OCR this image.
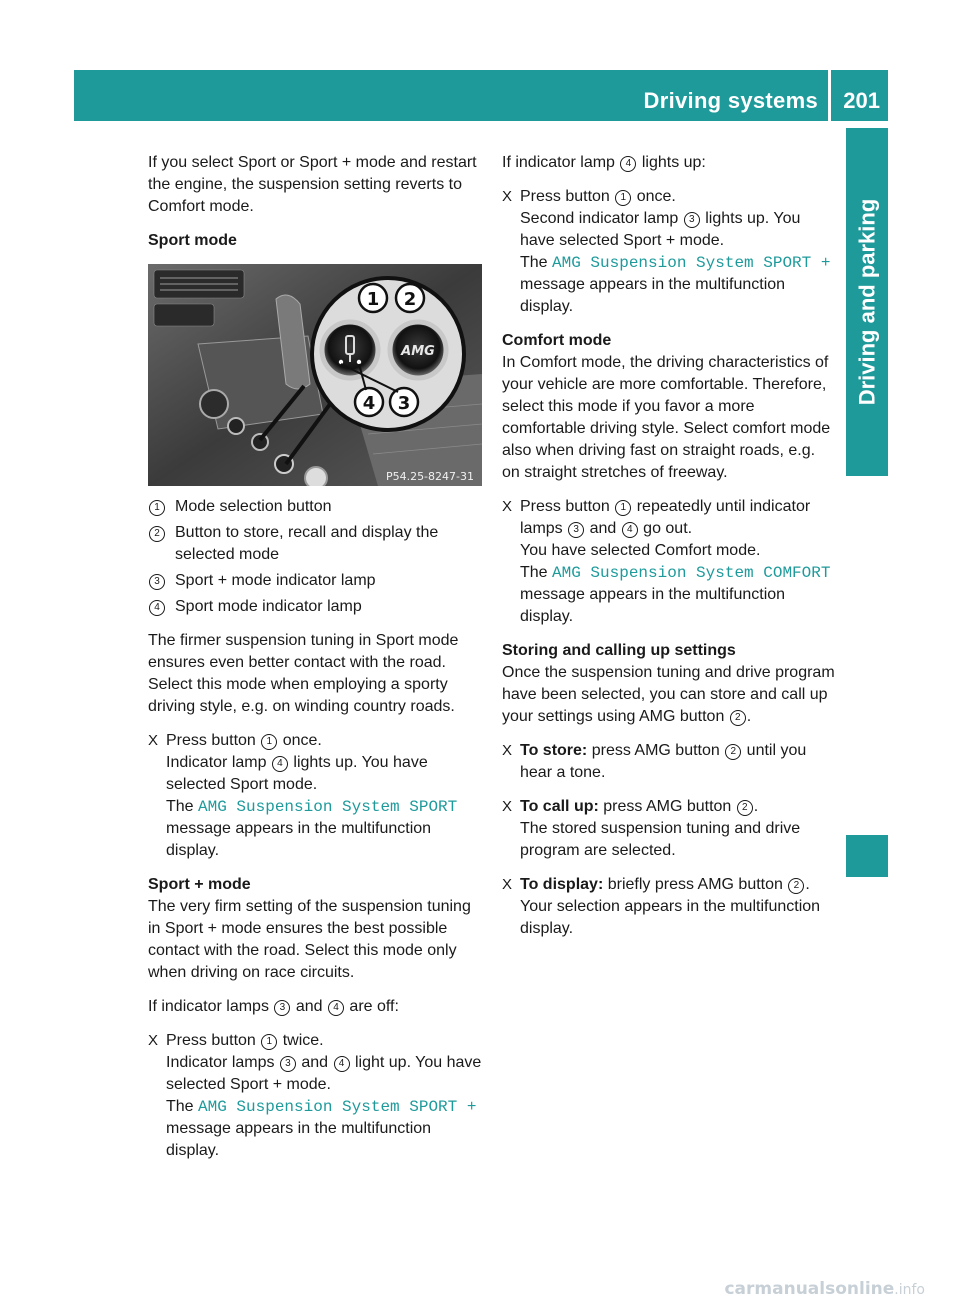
Driving systems 201
Driving and parking

If you select Sport or Sport + mode and restart the engine, the suspension setting reverts to Comfort mode.

Sport mode

AMG
1 2
4 3
P54.25-8247-31
1 Mode selection button
2 Button to store, recall and display the selected mode
3 Sport + mode indicator lamp
4 Sport mode indicator lamp

The firmer suspension tuning in Sport mode ensures even better contact with the road. Select this mode when employing a sporty driving style, e.g. on winding country roads.

X Press button 1 once.
Indicator lamp 4 lights up. You have selected Sport mode.
The AMG Suspension System SPORT message appears in the multifunction display.

Sport + mode

The very firm setting of the suspension tuning in Sport + mode ensures the best possible contact with the road. Select this mode only when driving on race circuits.

If indicator lamps 3 and 4 are off:

X Press button 1 twice.
Indicator lamps 3 and 4 light up. You have selected Sport + mode.
The AMG Suspension System SPORT + message appears in the multifunction display.

If indicator lamp 4 lights up:

X Press button 1 once.
Second indicator lamp 3 lights up. You have selected Sport + mode.
The AMG Suspension System SPORT + message appears in the multifunction display.

Comfort mode

In Comfort mode, the driving characteristics of your vehicle are more comfortable. Therefore, select this mode if you favor a more comfortable driving style. Select comfort mode also when driving fast on straight roads, e.g. on straight stretches of freeway.

X Press button 1 repeatedly until indicator lamps 3 and 4 go out.
You have selected Comfort mode.
The AMG Suspension System COMFORT message appears in the multifunction display.

Storing and calling up settings

Once the suspension tuning and drive program have been selected, you can store and call up your settings using AMG button 2 .

X To store: press AMG button 2 until you hear a tone.
X To call up: press AMG button 2 .
The stored suspension tuning and drive program are selected.
X To display: briefly press AMG button 2 .
Your selection appears in the multifunction display.
carmanualsonline.info
